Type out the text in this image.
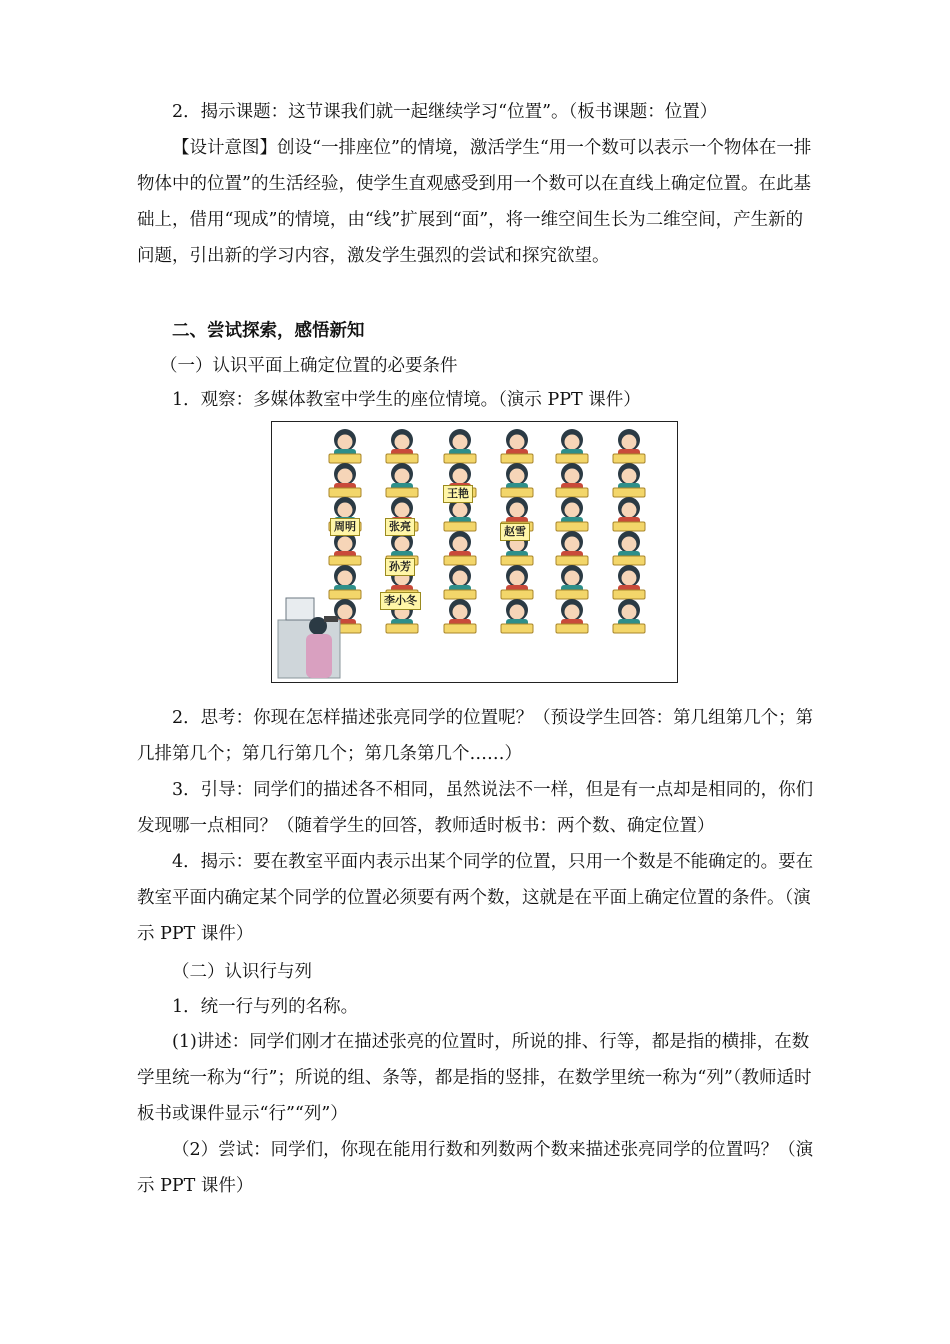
2．揭示课题：这节课我们就一起继续学习“位置”。（板书课题：位置）

【设计意图】创设“一排座位”的情境，激活学生“用一个数可以表示一个物体在一排物体中的位置”的生活经验，使学生直观感受到用一个数可以在直线上确定位置。在此基础上，借用“现成”的情境，由“线”扩展到“面”，将一维空间生长为二维空间，产生新的问题，引出新的学习内容，激发学生强烈的尝试和探究欲望。

二、尝试探索，感悟新知

（一）认识平面上确定位置的必要条件

1．观察：多媒体教室中学生的座位情境。（演示 PPT 课件）

王艳
周明	张亮	赵雪
孙芳
李小冬

2．思考：你现在怎样描述张亮同学的位置呢？（预设学生回答：第几组第几个；第几排第几个；第几行第几个；第几条第几个……）

3．引导：同学们的描述各不相同，虽然说法不一样，但是有一点却是相同的，你们发现哪一点相同？（随着学生的回答，教师适时板书：两个数、确定位置）

4．揭示：要在教室平面内表示出某个同学的位置，只用一个数是不能确定的。要在教室平面内确定某个同学的位置必须要有两个数，这就是在平面上确定位置的条件。（演示 PPT 课件）

（二）认识行与列

1．统一行与列的名称。

(1)讲述：同学们刚才在描述张亮的位置时，所说的排、行等，都是指的横排，在数学里统一称为“行”；所说的组、条等，都是指的竖排，在数学里统一称为“列”（教师适时板书或课件显示“行”“列”）

（2）尝试：同学们，你现在能用行数和列数两个数来描述张亮同学的位置吗？（演示 PPT 课件）
